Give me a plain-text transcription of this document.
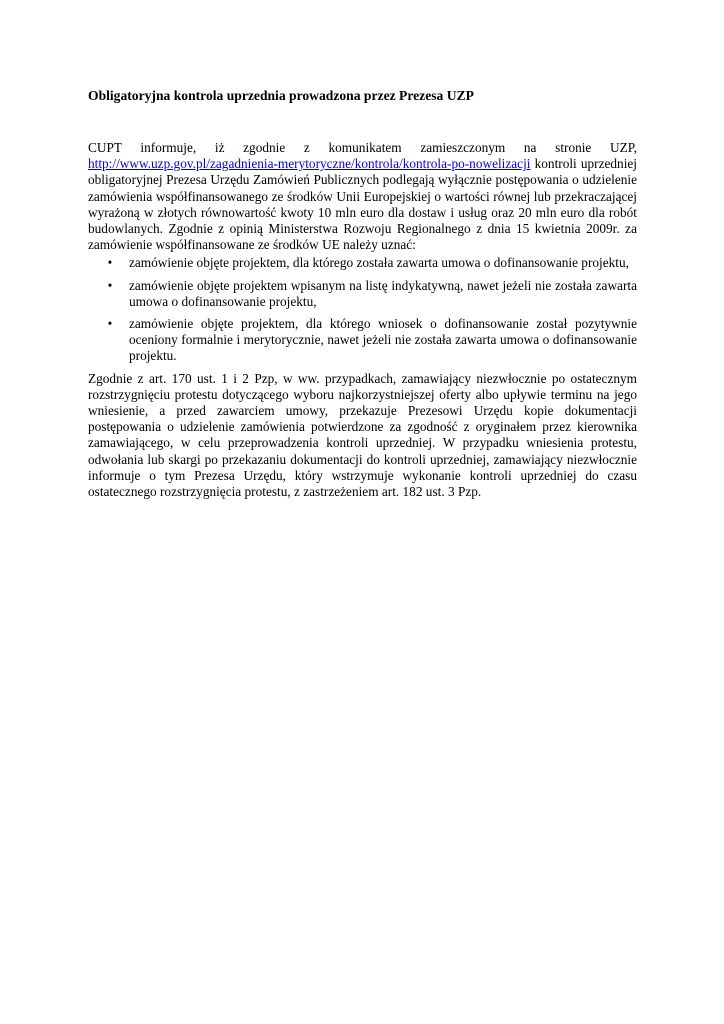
Obligatoryjna kontrola uprzednia prowadzona przez Prezesa UZP

CUPT informuje, iż zgodnie z komunikatem zamieszczonym na stronie UZP, http://www.uzp.gov.pl/zagadnienia-merytoryczne/kontrola/kontrola-po-nowelizacji kontroli uprzedniej obligatoryjnej Prezesa Urzędu Zamówień Publicznych podlegają wyłącznie postępowania o udzielenie zamówienia współfinansowanego ze środków Unii Europejskiej o wartości równej lub przekraczającej wyrażoną w złotych równowartość kwoty 10 mln euro dla dostaw i usług oraz 20 mln euro dla robót budowlanych. Zgodnie z opinią Ministerstwa Rozwoju Regionalnego z dnia 15 kwietnia 2009r. za zamówienie współfinansowane ze środków UE należy uznać:

• zamówienie objęte projektem, dla którego została zawarta umowa o dofinansowanie projektu,
• zamówienie objęte projektem wpisanym na listę indykatywną, nawet jeżeli nie została zawarta umowa o dofinansowanie projektu,
• zamówienie objęte projektem, dla którego wniosek o dofinansowanie został pozytywnie oceniony formalnie i merytorycznie, nawet jeżeli nie została zawarta umowa o dofinansowanie projektu.

Zgodnie z art. 170 ust. 1 i 2 Pzp, w ww. przypadkach, zamawiający niezwłocznie po ostatecznym rozstrzygnięciu protestu dotyczącego wyboru najkorzystniejszej oferty albo upływie terminu na jego wniesienie, a przed zawarciem umowy, przekazuje Prezesowi Urzędu kopie dokumentacji postępowania o udzielenie zamówienia potwierdzone za zgodność z oryginałem przez kierownika zamawiającego, w celu przeprowadzenia kontroli uprzedniej. W przypadku wniesienia protestu, odwołania lub skargi po przekazaniu dokumentacji do kontroli uprzedniej, zamawiający niezwłocznie informuje o tym Prezesa Urzędu, który wstrzymuje wykonanie kontroli uprzedniej do czasu ostatecznego rozstrzygnięcia protestu, z zastrzeżeniem art. 182 ust. 3 Pzp.
